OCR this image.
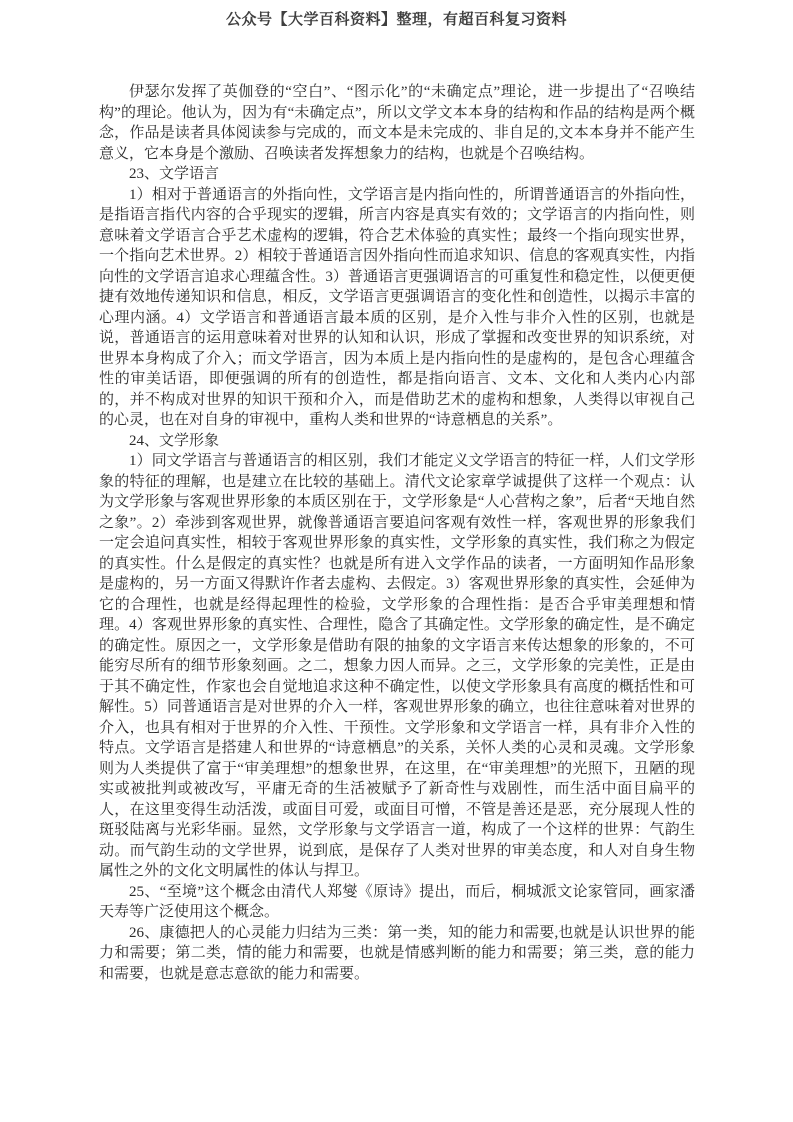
公众号【大学百科资料】整理，有超百科复习资料

伊瑟尔发挥了英伽登的“空白”、“图示化”的“未确定点”理论，进一步提出了“召唤结构”的理论。他认为，因为有“未确定点”，所以文学文本本身的结构和作品的结构是两个概念，作品是读者具体阅读参与完成的，而文本是未完成的、非自足的,文本本身并不能产生意义，它本身是个激励、召唤读者发挥想象力的结构，也就是个召唤结构。

23、文学语言

1）相对于普通语言的外指向性，文学语言是内指向性的，所谓普通语言的外指向性，是指语言指代内容的合乎现实的逻辑，所言内容是真实有效的；文学语言的内指向性，则意味着文学语言合乎艺术虚构的逻辑，符合艺术体验的真实性；最终一个指向现实世界，一个指向艺术世界。2）相较于普通语言因外指向性而追求知识、信息的客观真实性，内指向性的文学语言追求心理蕴含性。3）普通语言更强调语言的可重复性和稳定性，以便更便捷有效地传递知识和信息，相反，文学语言更强调语言的变化性和创造性，以揭示丰富的心理内涵。4）文学语言和普通语言最本质的区别，是介入性与非介入性的区别，也就是说，普通语言的运用意味着对世界的认知和认识，形成了掌握和改变世界的知识系统，对世界本身构成了介入；而文学语言，因为本质上是内指向性的是虚构的，是包含心理蕴含性的审美话语，即便强调的所有的创造性，都是指向语言、文本、文化和人类内心内部的，并不构成对世界的知识干预和介入，而是借助艺术的虚构和想象，人类得以审视自己的心灵，也在对自身的审视中，重构人类和世界的“诗意栖息的关系”。

24、文学形象

1）同文学语言与普通语言的相区别，我们才能定义文学语言的特征一样，人们文学形象的特征的理解，也是建立在比较的基础上。清代文论家章学诚提供了这样一个观点：认为文学形象与客观世界形象的本质区别在于，文学形象是“人心营构之象”，后者“天地自然之象”。2）牵涉到客观世界，就像普通语言要追问客观有效性一样，客观世界的形象我们一定会追问真实性，相较于客观世界形象的真实性，文学形象的真实性，我们称之为假定的真实性。什么是假定的真实性？也就是所有进入文学作品的读者，一方面明知作品形象是虚构的，另一方面又得默许作者去虚构、去假定。3）客观世界形象的真实性，会延伸为它的合理性，也就是经得起理性的检验，文学形象的合理性指：是否合乎审美理想和情理。4）客观世界形象的真实性、合理性，隐含了其确定性。文学形象的确定性，是不确定的确定性。原因之一，文学形象是借助有限的抽象的文字语言来传达想象的形象的，不可能穷尽所有的细节形象刻画。之二，想象力因人而异。之三，文学形象的完美性，正是由于其不确定性，作家也会自觉地追求这种不确定性，以使文学形象具有高度的概括性和可解性。5）同普通语言是对世界的介入一样，客观世界形象的确立，也往往意味着对世界的介入，也具有相对于世界的介入性、干预性。文学形象和文学语言一样，具有非介入性的特点。文学语言是搭建人和世界的“诗意栖息”的关系，关怀人类的心灵和灵魂。文学形象则为人类提供了富于“审美理想”的想象世界，在这里，在“审美理想”的光照下，丑陋的现实或被批判或被改写，平庸无奇的生活被赋予了新奇性与戏剧性，而生活中面目扁平的人，在这里变得生动活泼，或面目可爱，或面目可憎，不管是善还是恶，充分展现人性的斑驳陆离与光彩华丽。显然，文学形象与文学语言一道，构成了一个这样的世界：气韵生动。而气韵生动的文学世界，说到底，是保存了人类对世界的审美态度，和人对自身生物属性之外的文化文明属性的体认与捍卫。

25、“至境”这个概念由清代人郑燮《原诗》提出，而后，桐城派文论家管同，画家潘天寿等广泛使用这个概念。

26、康德把人的心灵能力归结为三类：第一类，知的能力和需要,也就是认识世界的能力和需要；第二类，情的能力和需要，也就是情感判断的能力和需要；第三类，意的能力和需要，也就是意志意欲的能力和需要。
